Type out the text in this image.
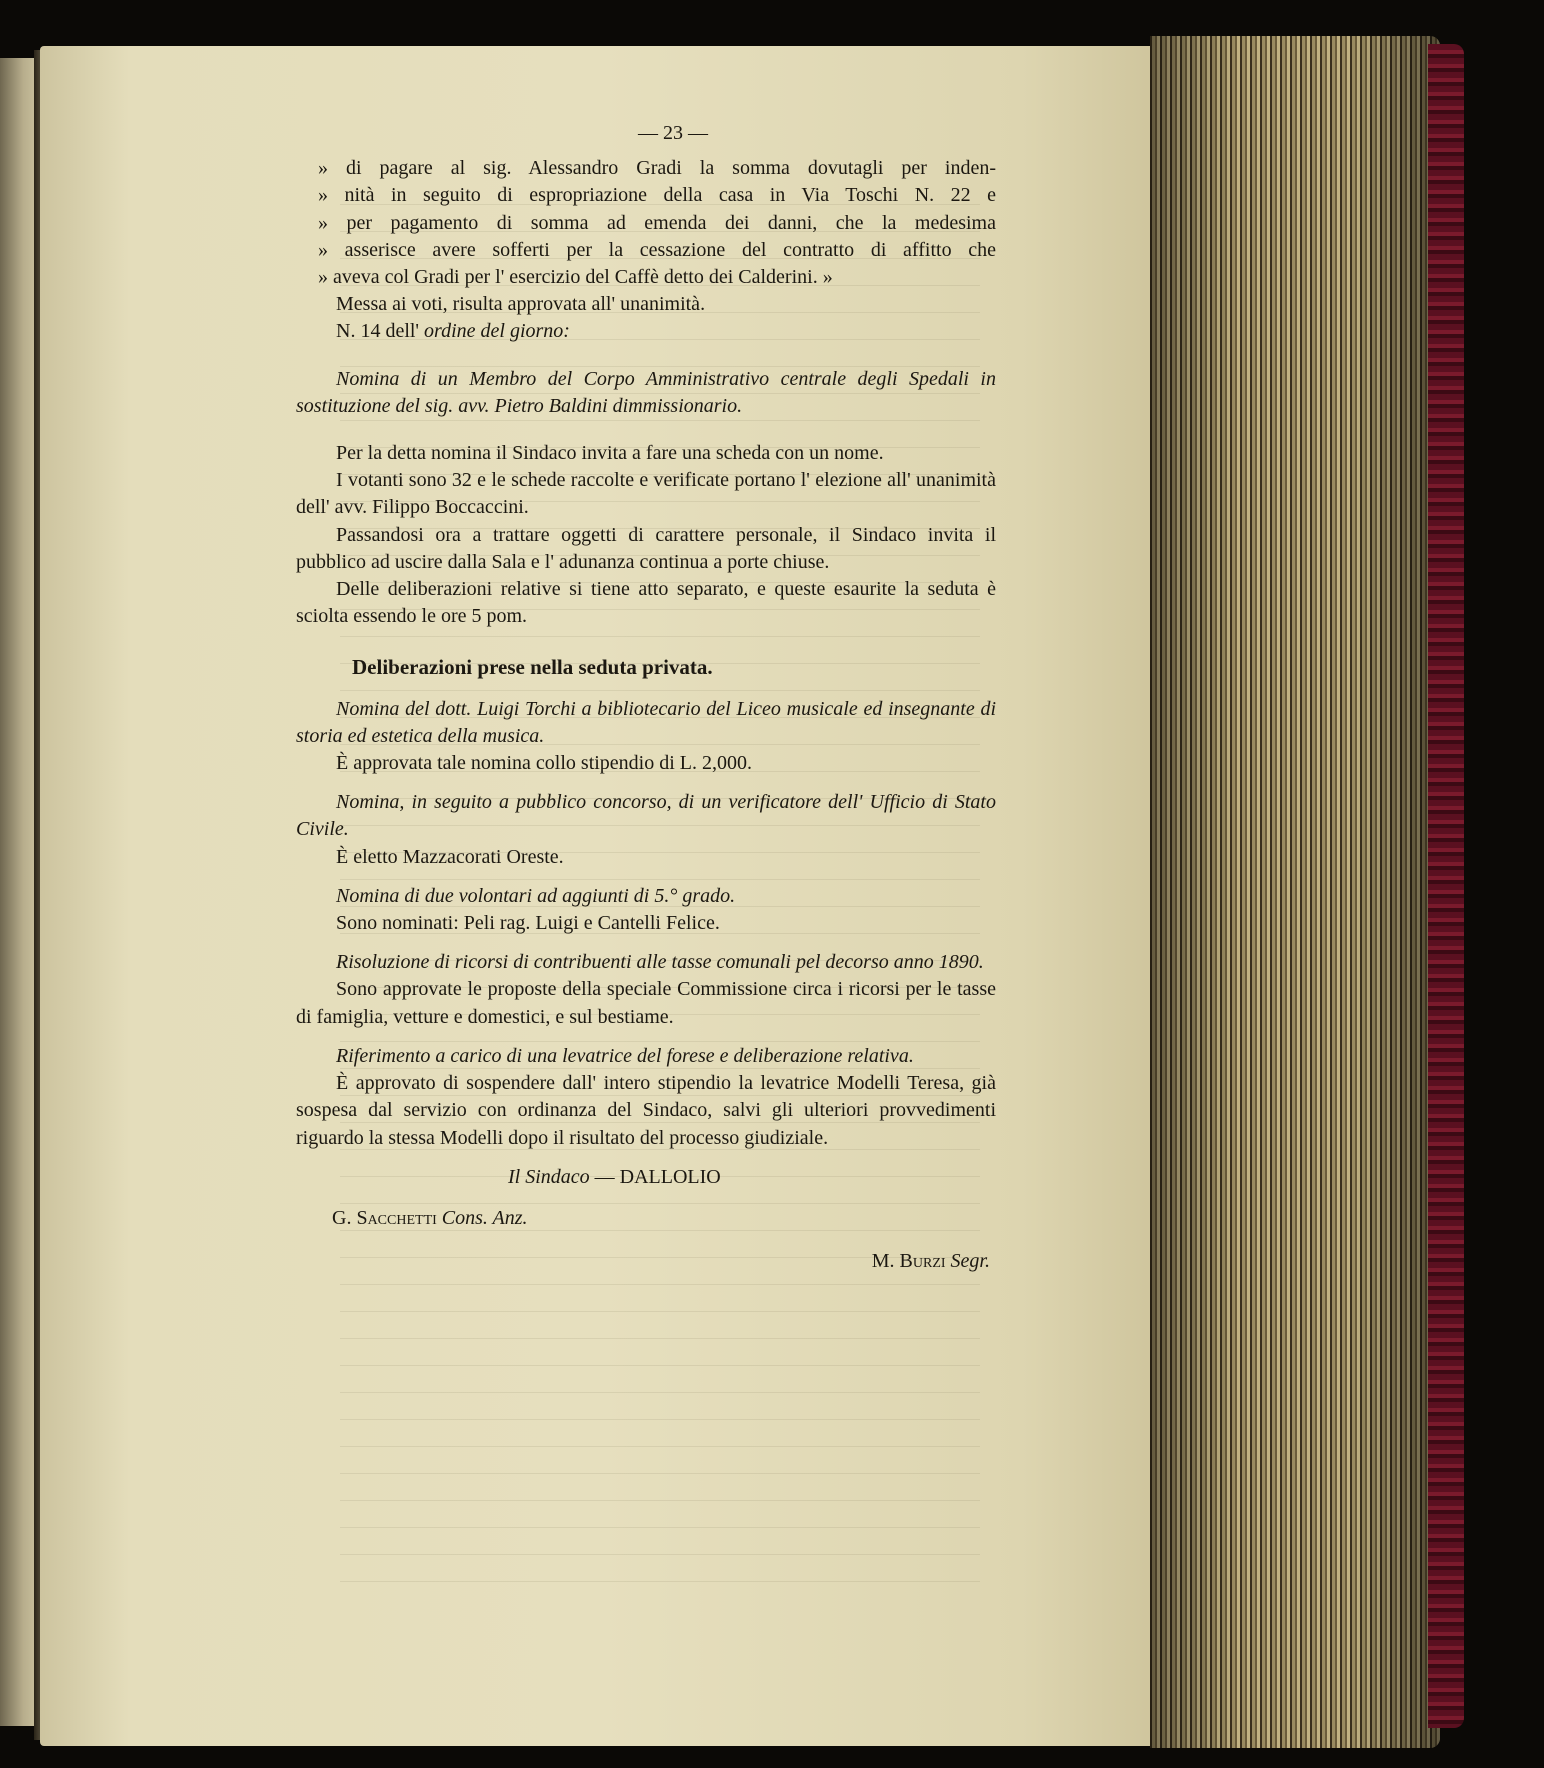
— 23 —
» di pagare al sig. Alessandro Gradi la somma dovutagli per inden-
» nità in seguito di espropriazione della casa in Via Toschi N. 22 e
» per pagamento di somma ad emenda dei danni, che la medesima
» asserisce avere sofferti per la cessazione del contratto di affitto che
» aveva col Gradi per l' esercizio del Caffè detto dei Calderini. »

Messa ai voti, risulta approvata all' unanimità.

N. 14 dell' ordine del giorno:

Nomina di un Membro del Corpo Amministrativo centrale degli Spedali in sostituzione del sig. avv. Pietro Baldini dimmissionario.

Per la detta nomina il Sindaco invita a fare una scheda con un nome.

I votanti sono 32 e le schede raccolte e verificate portano l' elezione all' unanimità dell' avv. Filippo Boccaccini.

Passandosi ora a trattare oggetti di carattere personale, il Sindaco invita il pubblico ad uscire dalla Sala e l' adunanza continua a porte chiuse.

Delle deliberazioni relative si tiene atto separato, e queste esaurite la seduta è sciolta essendo le ore 5 pom.

Deliberazioni prese nella seduta privata.

Nomina del dott. Luigi Torchi a bibliotecario del Liceo musicale ed insegnante di storia ed estetica della musica.

È approvata tale nomina collo stipendio di L. 2,000.

Nomina, in seguito a pubblico concorso, di un verificatore dell' Ufficio di Stato Civile.

È eletto Mazzacorati Oreste.

Nomina di due volontari ad aggiunti di 5.° grado.

Sono nominati: Peli rag. Luigi e Cantelli Felice.

Risoluzione di ricorsi di contribuenti alle tasse comunali pel decorso anno 1890.

Sono approvate le proposte della speciale Commissione circa i ricorsi per le tasse di famiglia, vetture e domestici, e sul bestiame.

Riferimento a carico di una levatrice del forese e deliberazione relativa.

È approvato di sospendere dall' intero stipendio la levatrice Modelli Teresa, già sospesa dal servizio con ordinanza del Sindaco, salvi gli ulteriori provvedimenti riguardo la stessa Modelli dopo il risultato del processo giudiziale.

Il Sindaco — DALLOLIO

G. Sacchetti Cons. Anz.

M. Burzi Segr.
